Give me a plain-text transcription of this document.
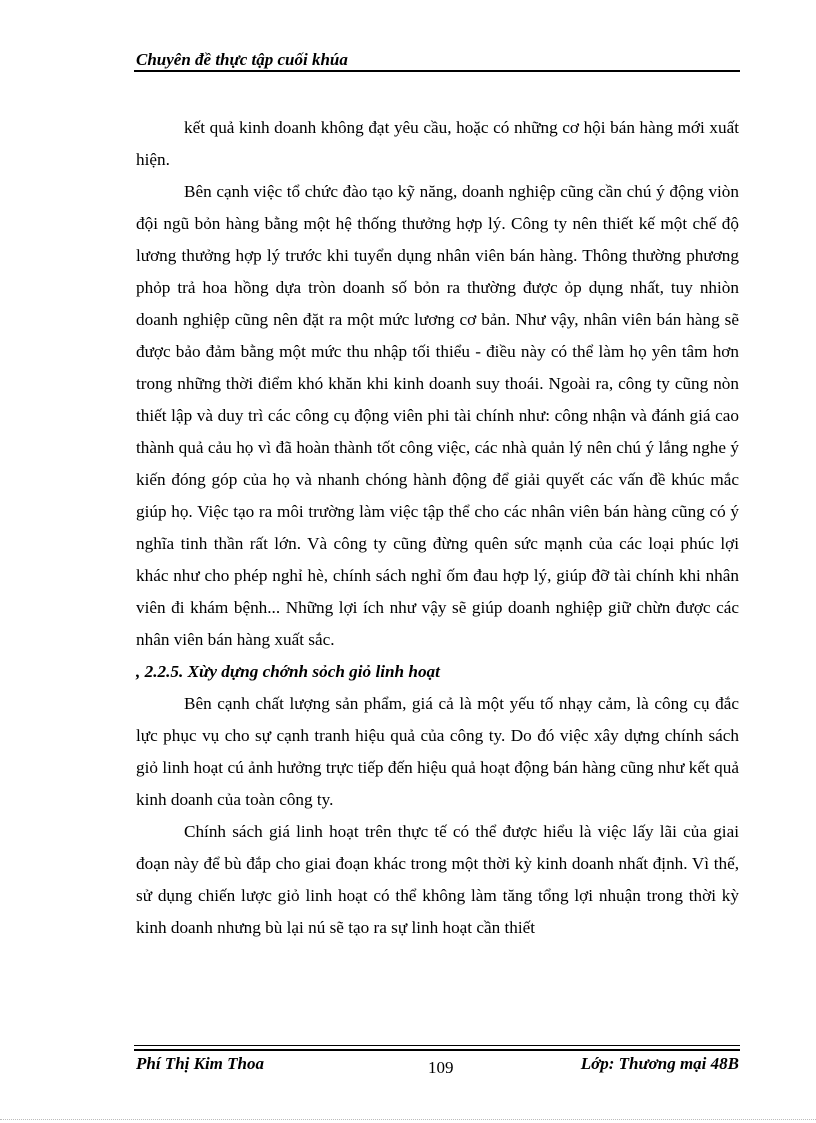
Chuyên đề thực tập cuối khúa

kết quả kinh doanh không đạt yêu cầu, hoặc có những cơ hội bán hàng mới xuất hiện.

Bên cạnh việc tổ chức đào tạo kỹ năng, doanh nghiệp cũng cần chú ý động viòn đội ngũ bỏn hàng bằng một hệ thống thưởng hợp lý. Công ty nên thiết kế một chế độ lương thưởng hợp lý trước khi tuyển dụng nhân viên bán hàng. Thông thường phương phỏp trả hoa hồng dựa tròn doanh số bỏn ra thường được ỏp dụng nhất, tuy nhiòn doanh nghiệp cũng nên đặt ra một mức lương cơ bản. Như vậy, nhân viên bán hàng sẽ được bảo đảm bằng một mức thu nhập tối thiểu - điều này có thể làm họ yên tâm hơn trong những thời điểm khó khăn khi kinh doanh suy thoái. Ngoài ra, công ty cũng nòn thiết lập và duy trì các công cụ động viên phi tài chính như: công nhận và đánh giá cao thành quả cảu họ vì đã hoàn thành tốt công việc, các nhà quản lý nên chú ý lắng nghe ý kiến đóng góp của họ và nhanh chóng hành động để giải quyết các vấn đề khúc mắc giúp họ. Việc tạo ra môi trường làm việc tập thể cho các nhân viên bán hàng cũng có ý nghĩa tinh thần rất lớn. Và công ty cũng đừng quên sức mạnh của các loại phúc lợi khác như cho phép nghỉ hè, chính sách nghỉ ốm đau hợp lý, giúp đỡ tài chính khi nhân viên đi khám bệnh... Những lợi ích như vậy sẽ giúp doanh nghiệp giữ chừn được các nhân viên bán hàng xuất sắc.

, 2.2.5. Xừy dựng chớnh sỏch giỏ linh hoạt

Bên cạnh chất lượng sản phẩm, giá cả là một yếu tố nhạy cảm, là công cụ đắc lực phục vụ cho sự cạnh tranh hiệu quả của công ty. Do đó việc xây dựng chính sách giỏ linh hoạt cú ảnh hưởng trực tiếp đến hiệu quả hoạt động bán hàng cũng như kết quả kinh doanh của toàn công ty.

Chính sách giá linh hoạt trên thực tế có thể được hiểu là việc lấy lãi của giai đoạn này để bù đắp cho giai đoạn khác trong một thời kỳ kinh doanh nhất định. Vì thế, sử dụng chiến lược giỏ linh hoạt có thể không làm tăng tổng lợi nhuận trong thời kỳ kinh doanh nhưng bù lại nú sẽ tạo ra sự linh hoạt cần thiết

Phí Thị Kim Thoa	109	Lớp: Thương mại 48B
